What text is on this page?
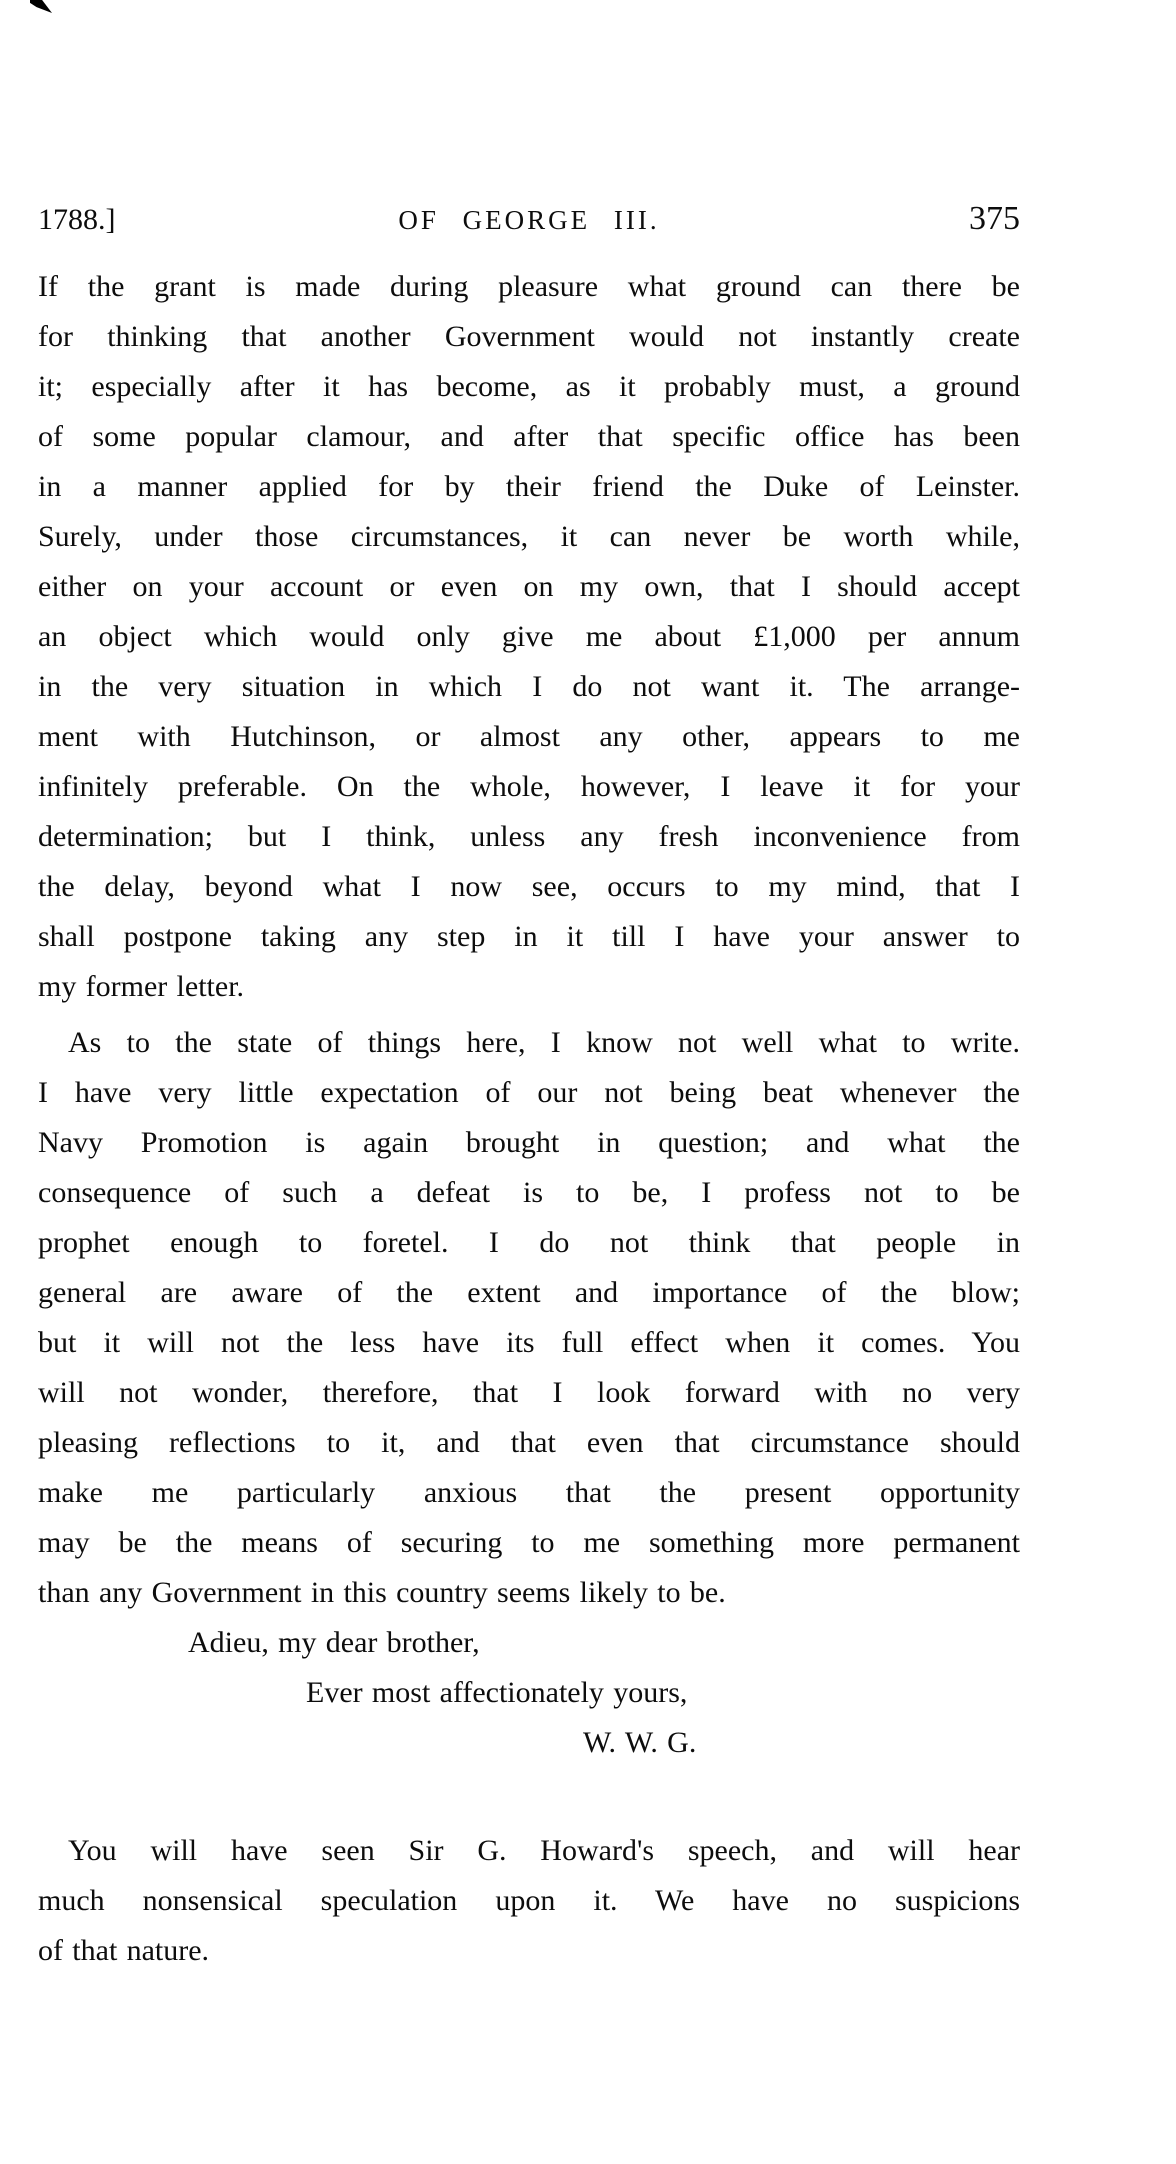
1788.]	OF GEORGE III.	375
If the grant is made during pleasure what ground can there be
for thinking that another Government would not instantly create
it; especially after it has become, as it probably must, a ground
of some popular clamour, and after that specific office has been
in a manner applied for by their friend the Duke of Leinster.
Surely, under those circumstances, it can never be worth while,
either on your account or even on my own, that I should accept
an object which would only give me about £1,000 per annum
in the very situation in which I do not want it. The arrange-
ment with Hutchinson, or almost any other, appears to me
infinitely preferable. On the whole, however, I leave it for your
determination; but I think, unless any fresh inconvenience from
the delay, beyond what I now see, occurs to my mind, that I
shall postpone taking any step in it till I have your answer to
my former letter.
As to the state of things here, I know not well what to write.
I have very little expectation of our not being beat whenever the
Navy Promotion is again brought in question; and what the
consequence of such a defeat is to be, I profess not to be
prophet enough to foretel. I do not think that people in
general are aware of the extent and importance of the blow;
but it will not the less have its full effect when it comes. You
will not wonder, therefore, that I look forward with no very
pleasing reflections to it, and that even that circumstance should
make me particularly anxious that the present opportunity
may be the means of securing to me something more permanent
than any Government in this country seems likely to be.
Adieu, my dear brother,
Ever most affectionately yours,
W. W. G.
You will have seen Sir G. Howard's speech, and will hear
much nonsensical speculation upon it. We have no suspicions
of that nature.
